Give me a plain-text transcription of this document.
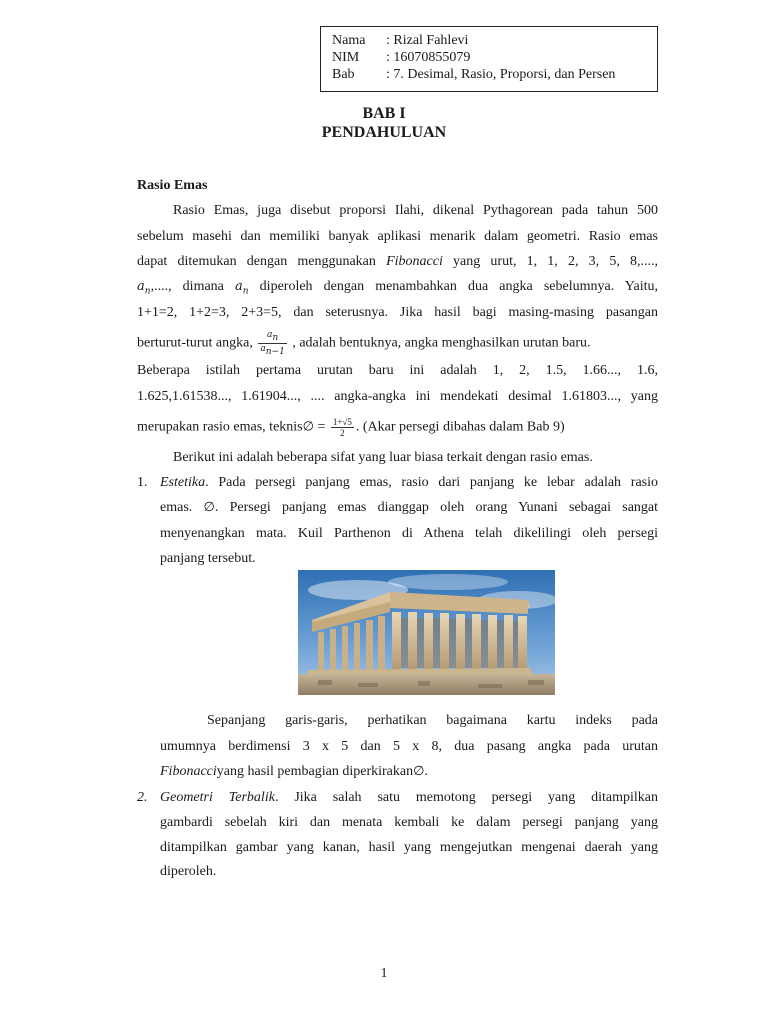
Nama	: Rizal Fahlevi
NIM	: 16070855079
Bab	: 7. Desimal, Rasio, Proporsi, dan Persen
BAB I
PENDAHULUAN
Rasio Emas
Rasio Emas, juga disebut proporsi Ilahi, dikenal Pythagorean pada tahun 500
sebelum masehi dan memiliki banyak aplikasi menarik dalam geometri. Rasio emas
dapat ditemukan dengan menggunakan Fibonacci yang urut, 1, 1, 2, 3, 5, 8,....,
$a_n$,...., dimana $a_n$ diperoleh dengan menambahkan dua angka sebelumnya. Yaitu,
1+1=2, 1+2=3, 2+3=5, dan seterusnya. Jika hasil bagi masing-masing pasangan
berturut-turut angka, $\frac{a_n}{a_{n-1}}$ , adalah bentuknya, angka menghasilkan urutan baru.
Beberapa istilah pertama urutan baru ini adalah 1, 2, 1.5, 1.66..., 1.6,
1.625,1.61538..., 1.61904..., .... angka-angka ini mendekati desimal 1.61803..., yang
merupakan rasio emas, teknis∅ = $\frac{1+√5}{2}$ . (Akar persegi dibahas dalam Bab 9)
Berikut ini adalah beberapa sifat yang luar biasa terkait dengan rasio emas.
1. Estetika. Pada persegi panjang emas, rasio dari panjang ke lebar adalah rasio
emas. ∅. Persegi panjang emas dianggap oleh orang Yunani sebagai sangat
menyenangkan mata. Kuil Parthenon di Athena telah dikelilingi oleh persegi
panjang tersebut.
Sepanjang garis-garis, perhatikan bagaimana kartu indeks pada
umumnya berdimensi 3 x 5 dan 5 x 8, dua pasang angka pada urutan
Fibonacciyang hasil pembagian diperkirakan∅.
2. Geometri Terbalik. Jika salah satu memotong persegi yang ditampilkan
gambardi sebelah kiri dan menata kembali ke dalam persegi panjang yang
ditampilkan gambar yang kanan, hasil yang mengejutkan mengenai daerah yang
diperoleh.
1
